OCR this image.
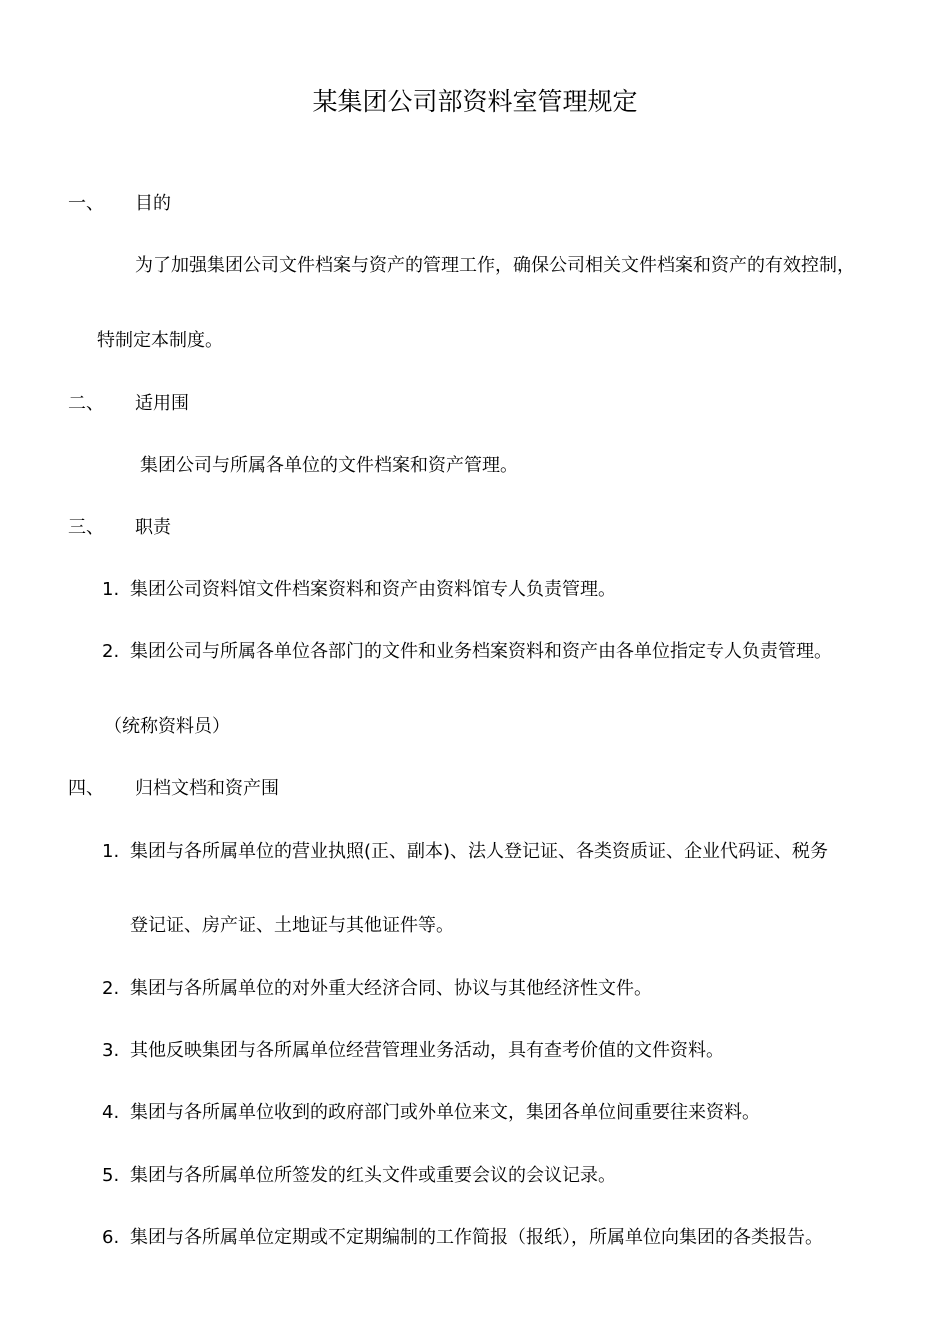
某集团公司部资料室管理规定
一、 目的
为了加强集团公司文件档案与资产的管理工作，确保公司相关文件档案和资产的有效控制，
特制定本制度。
二、 适用围
集团公司与所属各单位的文件档案和资产管理。
三、 职责
1. 集团公司资料馆文件档案资料和资产由资料馆专人负责管理。
2. 集团公司与所属各单位各部门的文件和业务档案资料和资产由各单位指定专人负责管理。
（统称资料员）
四、 归档文档和资产围
1. 集团与各所属单位的营业执照(正、副本)、法人登记证、各类资质证、企业代码证、税务
登记证、房产证、土地证与其他证件等。
2. 集团与各所属单位的对外重大经济合同、协议与其他经济性文件。
3. 其他反映集团与各所属单位经营管理业务活动，具有查考价值的文件资料。
4. 集团与各所属单位收到的政府部门或外单位来文，集团各单位间重要往来资料。
5. 集团与各所属单位所签发的红头文件或重要会议的会议记录。
6. 集团与各所属单位定期或不定期编制的工作简报（报纸），所属单位向集团的各类报告。
